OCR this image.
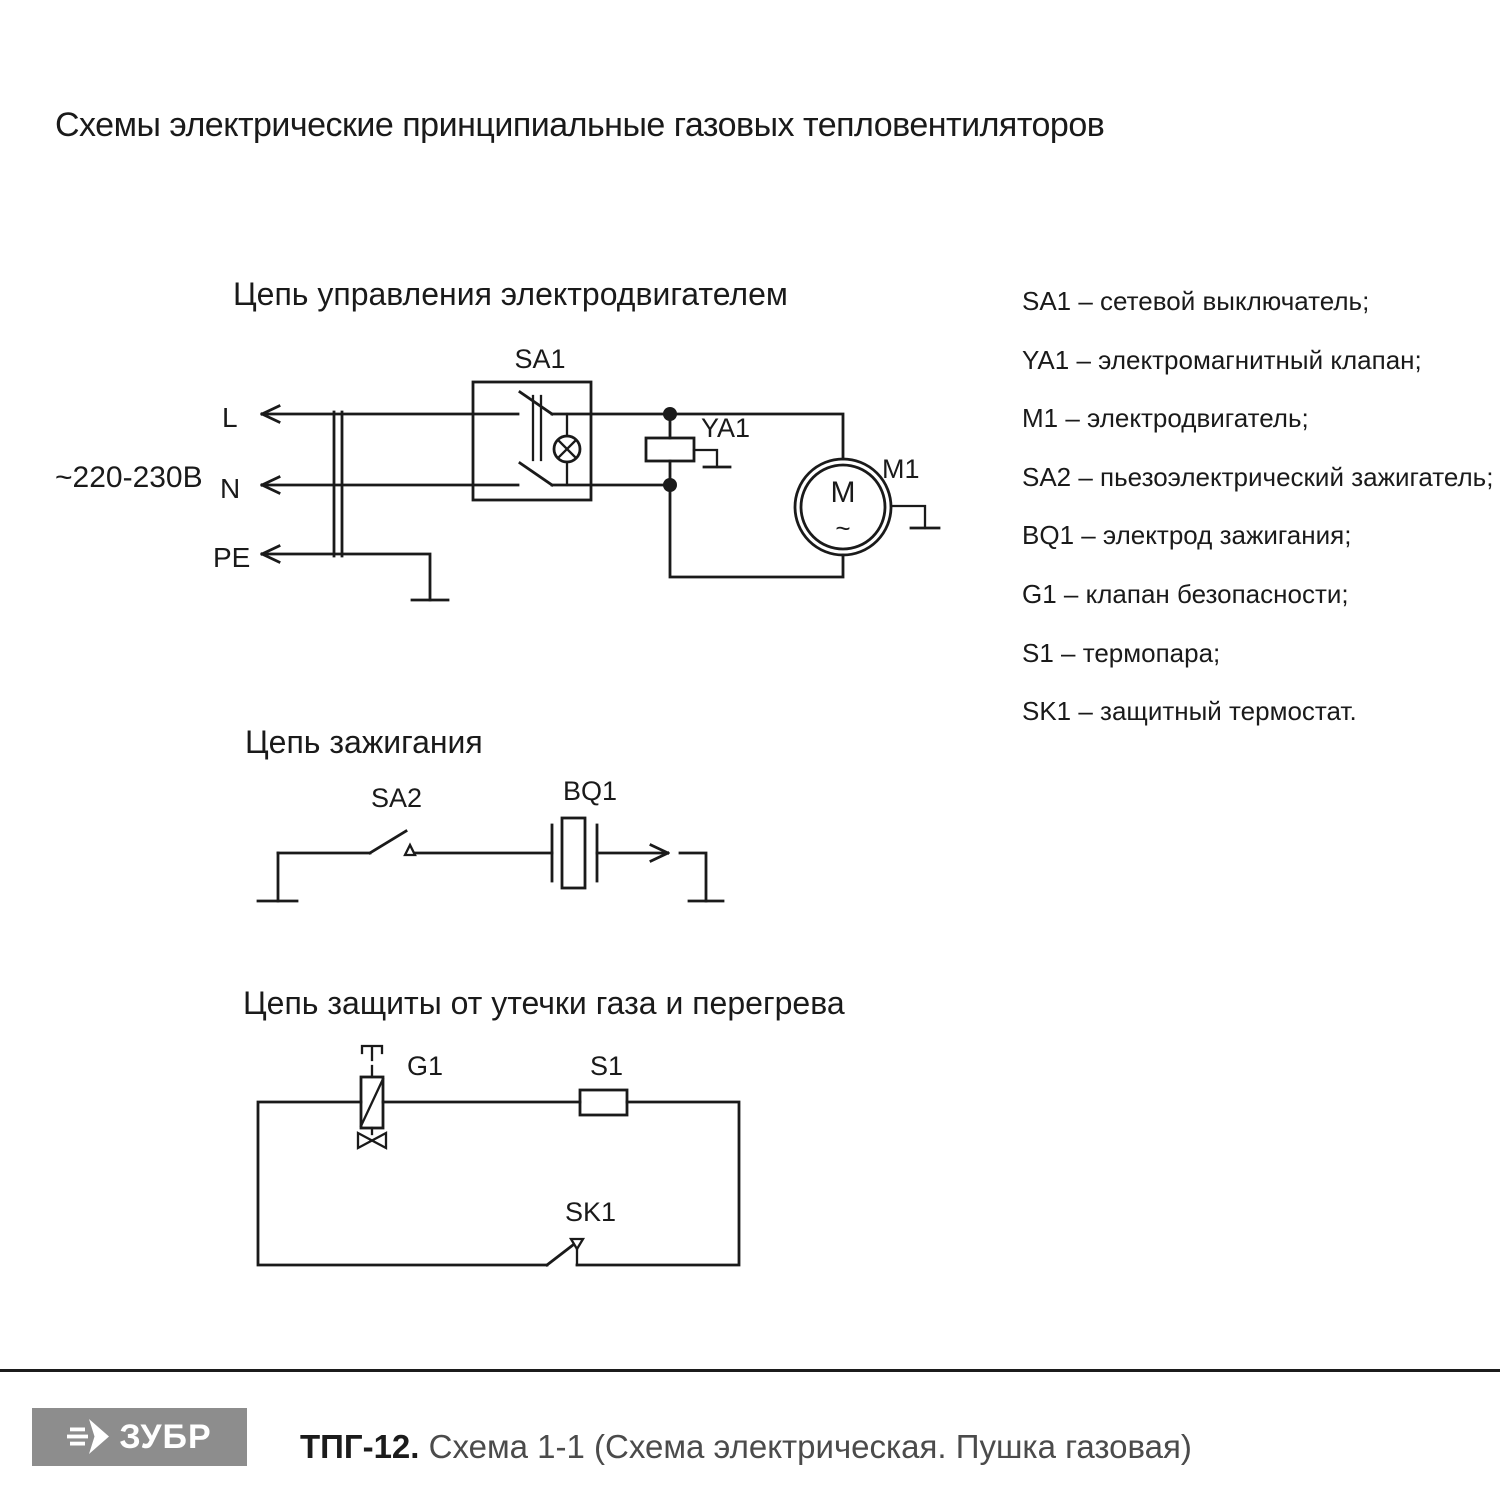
Схемы электрические принципиальные газовых тепловентиляторов
SA1 – сетевой выключатель;
YA1 – электромагнитный клапан;
M1 – электродвигатель;
SA2 – пьезоэлектрический зажигатель;
BQ1 – электрод зажигания;
G1 – клапан безопасности;
S1 – термопара;
SK1 – защитный термостат.
Цепь управления электродвигателем
~220-230В
L
N
PE
SA1
YA1
M
~
M1
Цепь зажигания
SA2	BQ1
Цепь защиты от утечки газа и перегрева
G1	S1
SK1
ЗУБР	ТПГ-12. Схема 1-1 (Схема электрическая. Пушка газовая)
